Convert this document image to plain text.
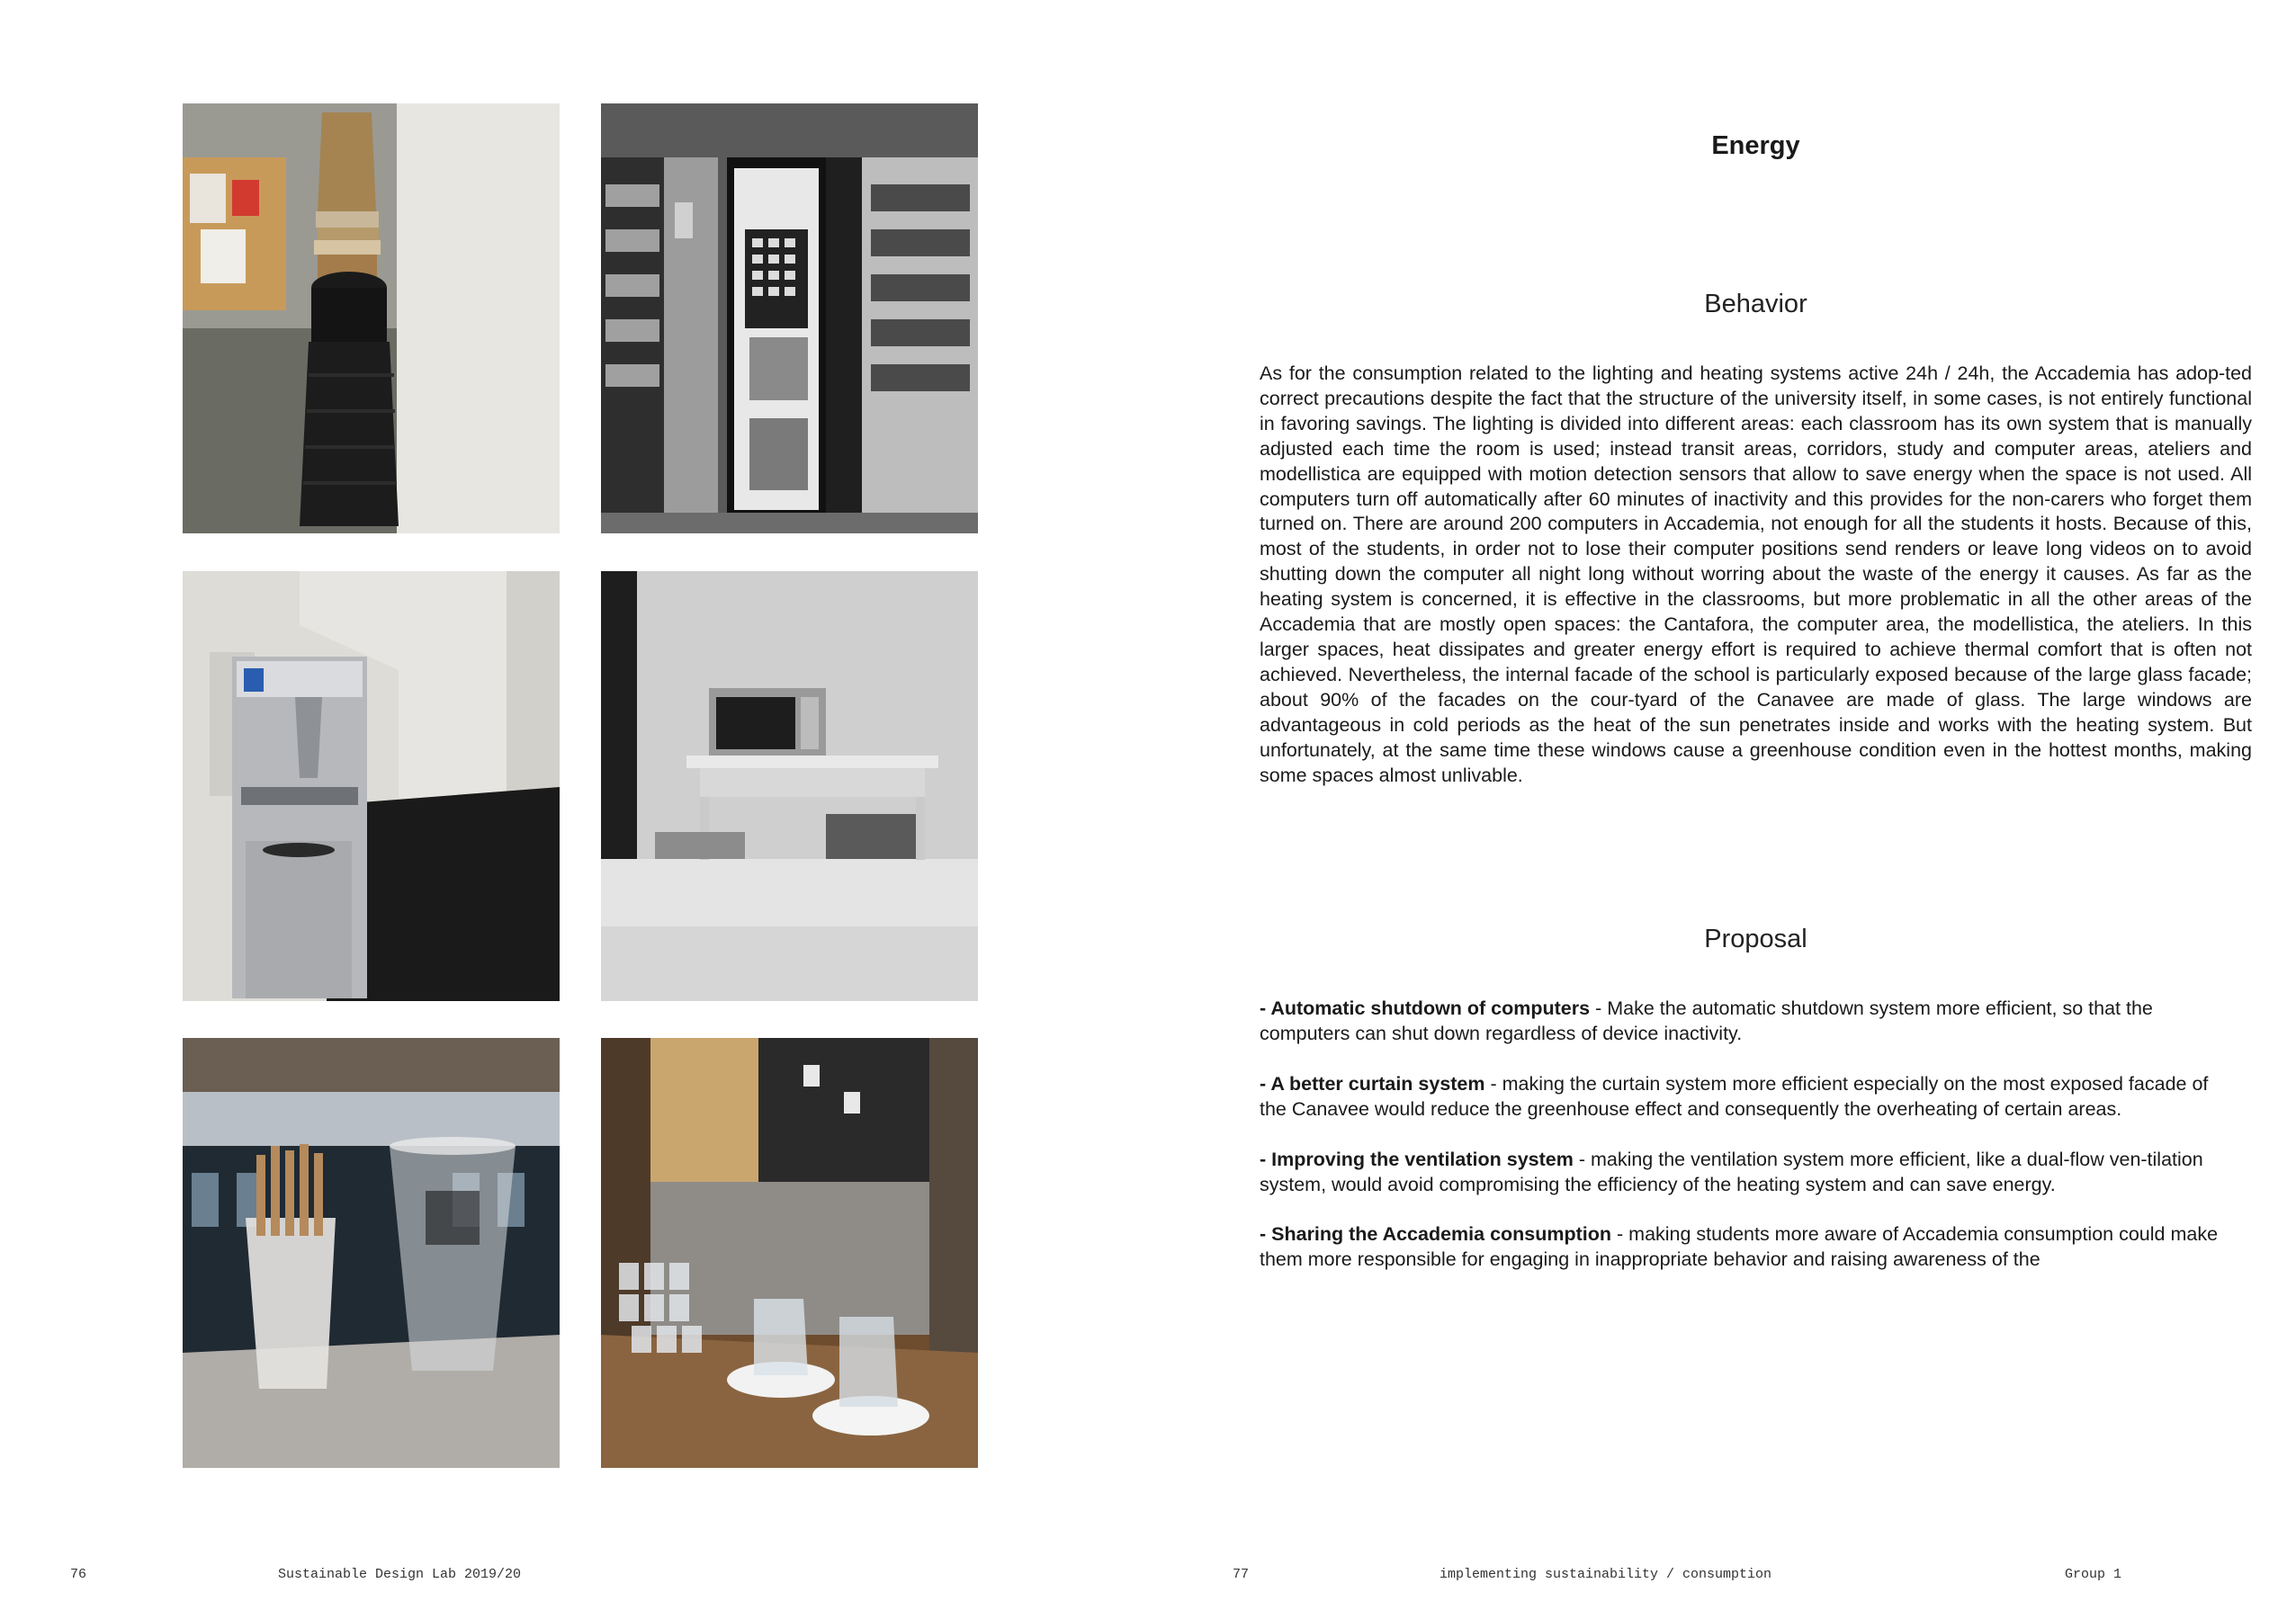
Energy
Behavior

As for the consumption related to the lighting and heating systems active 24h / 24h, the Accademia has adop-ted correct precautions despite the fact that the structure of the university itself, in some cases, is not entirely functional in favoring savings. The lighting is divided into different areas: each classroom has its own system that is manually adjusted each time the room is used; instead transit areas, corridors, study and computer areas, ateliers and modellistica are equipped with motion detection sensors that allow to save energy when the space is not used. All computers turn off automatically after 60 minutes of inactivity and this provides for the non-carers who forget them turned on. There are around 200 computers in Accademia, not enough for all the students it hosts. Because of this, most of the students, in order not to lose their computer positions send renders or leave long videos on to avoid shutting down the computer all night long without worring about the waste of the energy it causes. As far as the heating system is concerned, it is effective in the classrooms, but more problematic in all the other areas of the Accademia that are mostly open spaces: the Cantafora, the computer area, the modellistica, the ateliers. In this larger spaces, heat dissipates and greater energy effort is required to achieve thermal comfort that is often not achieved. Nevertheless, the internal facade of the school is particularly exposed because of the large glass facade; about 90% of the facades on the cour-tyard of the Canavee are made of glass. The large windows are advantageous in cold periods as the heat of the sun penetrates inside and works with the heating system. But unfortunately, at the same time these windows cause a greenhouse condition even in the hottest months, making some spaces almost unlivable.

Proposal
- Automatic shutdown of computers - Make the automatic shutdown system more efficient, so that the computers can shut down regardless of device inactivity.
- A better curtain system - making the curtain system more efficient especially on the most exposed facade of the Canavee would reduce the greenhouse effect and consequently the overheating of certain areas.
- Improving the ventilation system - making the ventilation system more efficient, like a dual-flow ven-tilation system, would avoid compromising the efficiency of the heating system and can save energy.
- Sharing the Accademia consumption - making students more aware of Accademia consumption could make them more responsible for engaging in inappropriate behavior and raising awareness of the
76	Sustainable Design Lab 2019/20	77	implementing sustainability / consumption	Group 1
